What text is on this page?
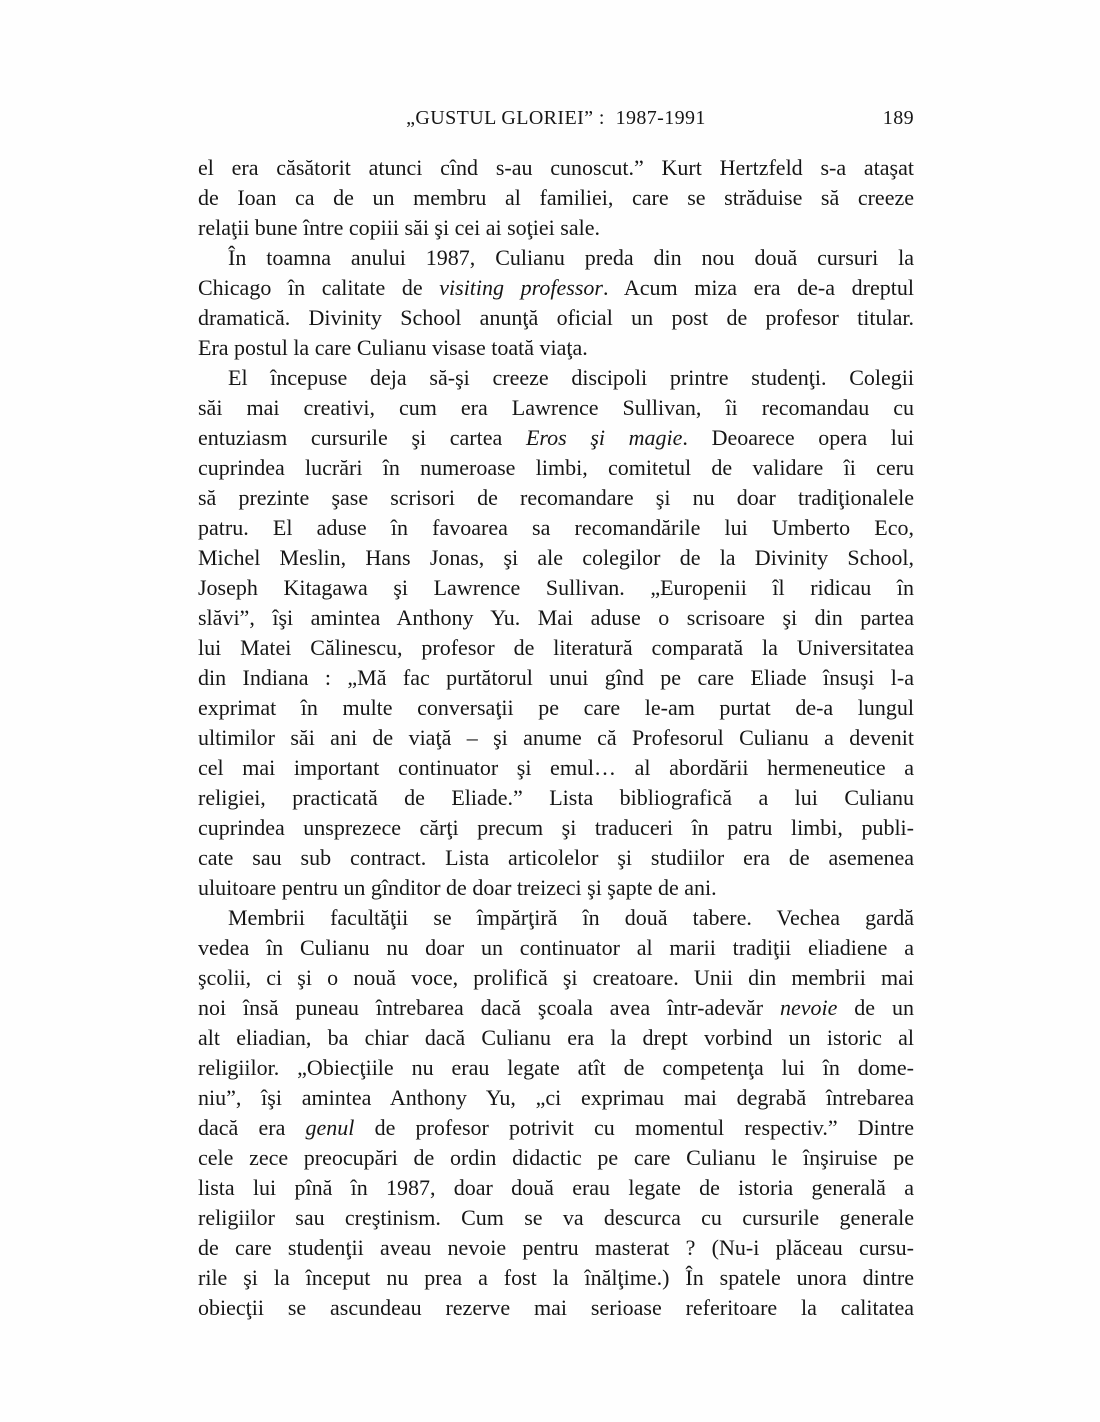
„GUSTUL GLORIEI” :  1987-1991	189
el era căsătorit atunci cînd s-au cunoscut.” Kurt Hertzfeld s-a ataşat
de Ioan ca de un membru al familiei, care se străduise să creeze
relaţii bune între copiii săi şi cei ai soţiei sale.
În toamna anului 1987, Culianu preda din nou două cursuri la
Chicago în calitate de visiting professor. Acum miza era de-a dreptul
dramatică. Divinity School anunţă oficial un post de profesor titular.
Era postul la care Culianu visase toată viaţa.
El începuse deja să-şi creeze discipoli printre studenţi. Colegii
săi mai creativi, cum era Lawrence Sullivan, îi recomandau cu
entuziasm cursurile şi cartea Eros şi magie. Deoarece opera lui
cuprindea lucrări în numeroase limbi, comitetul de validare îi ceru
să prezinte şase scrisori de recomandare şi nu doar tradiţionalele
patru. El aduse în favoarea sa recomandările lui Umberto Eco,
Michel Meslin, Hans Jonas, şi ale colegilor de la Divinity School,
Joseph Kitagawa şi Lawrence Sullivan. „Europenii îl ridicau în
slăvi”, îşi amintea Anthony Yu. Mai aduse o scrisoare şi din partea
lui Matei Călinescu, profesor de literatură comparată la Universitatea
din Indiana : „Mă fac purtătorul unui gînd pe care Eliade însuşi l-a
exprimat în multe conversaţii pe care le-am purtat de-a lungul
ultimilor săi ani de viaţă – şi anume că Profesorul Culianu a devenit
cel mai important continuator şi emul… al abordării hermeneutice a
religiei, practicată de Eliade.” Lista bibliografică a lui Culianu
cuprindea unsprezece cărţi precum şi traduceri în patru limbi, publi-
cate sau sub contract. Lista articolelor şi studiilor era de asemenea
uluitoare pentru un gînditor de doar treizeci şi şapte de ani.
Membrii facultăţii se împărţiră în două tabere. Vechea gardă
vedea în Culianu nu doar un continuator al marii tradiţii eliadiene a
şcolii, ci şi o nouă voce, prolifică şi creatoare. Unii din membrii mai
noi însă puneau întrebarea dacă şcoala avea într-adevăr nevoie de un
alt eliadian, ba chiar dacă Culianu era la drept vorbind un istoric al
religiilor. „Obiecţiile nu erau legate atît de competenţa lui în dome-
niu”, îşi amintea Anthony Yu, „ci exprimau mai degrabă întrebarea
dacă era genul de profesor potrivit cu momentul respectiv.” Dintre
cele zece preocupări de ordin didactic pe care Culianu le înşiruise pe
lista lui pînă în 1987, doar două erau legate de istoria generală a
religiilor sau creştinism. Cum se va descurca cu cursurile generale
de care studenţii aveau nevoie pentru masterat ? (Nu-i plăceau cursu-
rile şi la început nu prea a fost la înălţime.) În spatele unora dintre
obiecţii se ascundeau rezerve mai serioase referitoare la calitatea
